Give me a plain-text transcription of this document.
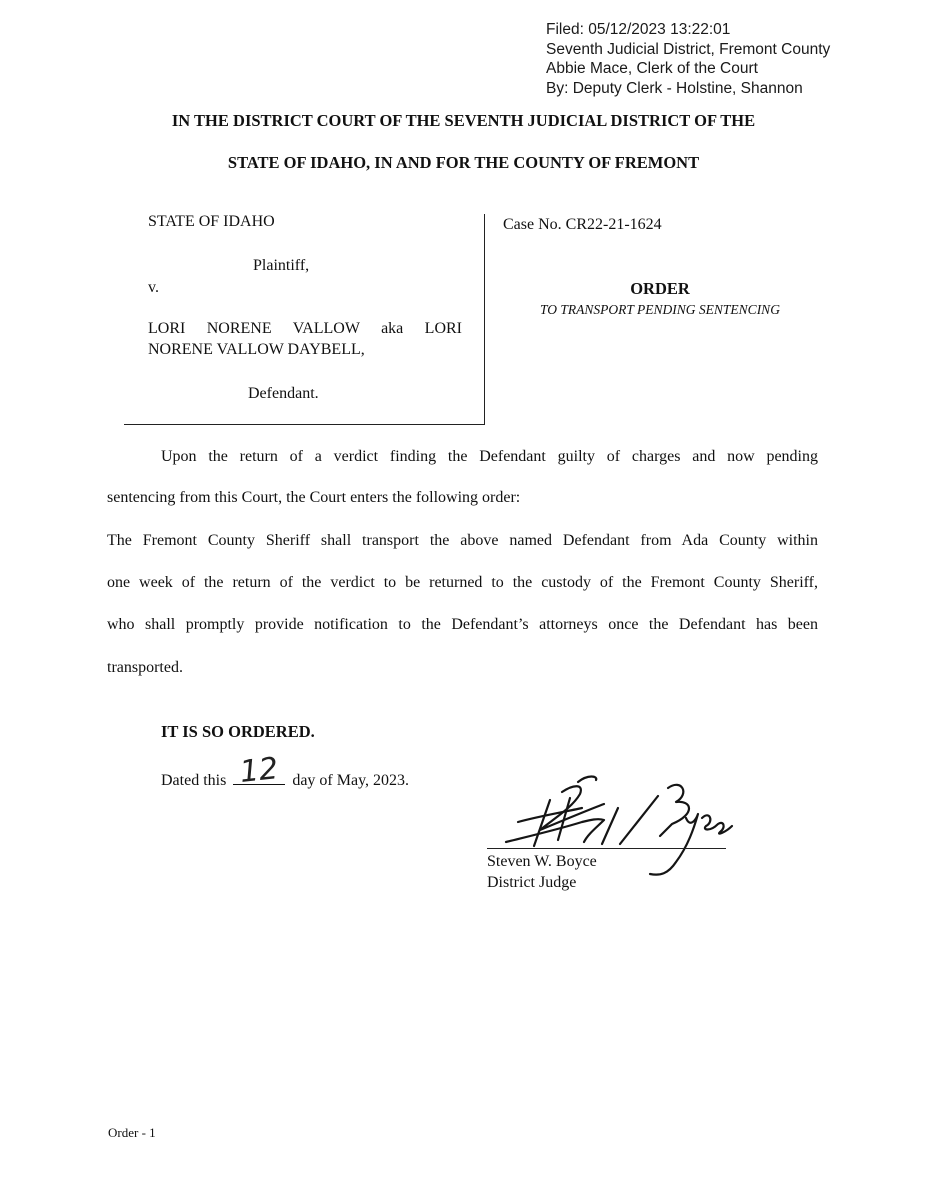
Filed: 05/12/2023 13:22:01
Seventh Judicial District, Fremont County
Abbie Mace, Clerk of the Court
By: Deputy Clerk - Holstine, Shannon
IN THE DISTRICT COURT OF THE SEVENTH JUDICIAL DISTRICT OF THE
STATE OF IDAHO, IN AND FOR THE COUNTY OF FREMONT
STATE OF IDAHO
Plaintiff,
v.
LORI NORENE VALLOW aka LORI
NORENE VALLOW DAYBELL,
Defendant.
Case No. CR22-21-1624
ORDER
TO TRANSPORT PENDING SENTENCING
Upon the return of a verdict finding the Defendant guilty of charges and now pending
sentencing from this Court, the Court enters the following order:
The Fremont County Sheriff shall transport the above named Defendant from Ada County within
one week of the return of the verdict to be returned to the custody of the Fremont County Sheriff,
who shall promptly provide notification to the Defendant’s attorneys once the Defendant has been
transported.
IT IS SO ORDERED.
Dated this 12 day of May, 2023.
Steven W. Boyce
District Judge
Order - 1
